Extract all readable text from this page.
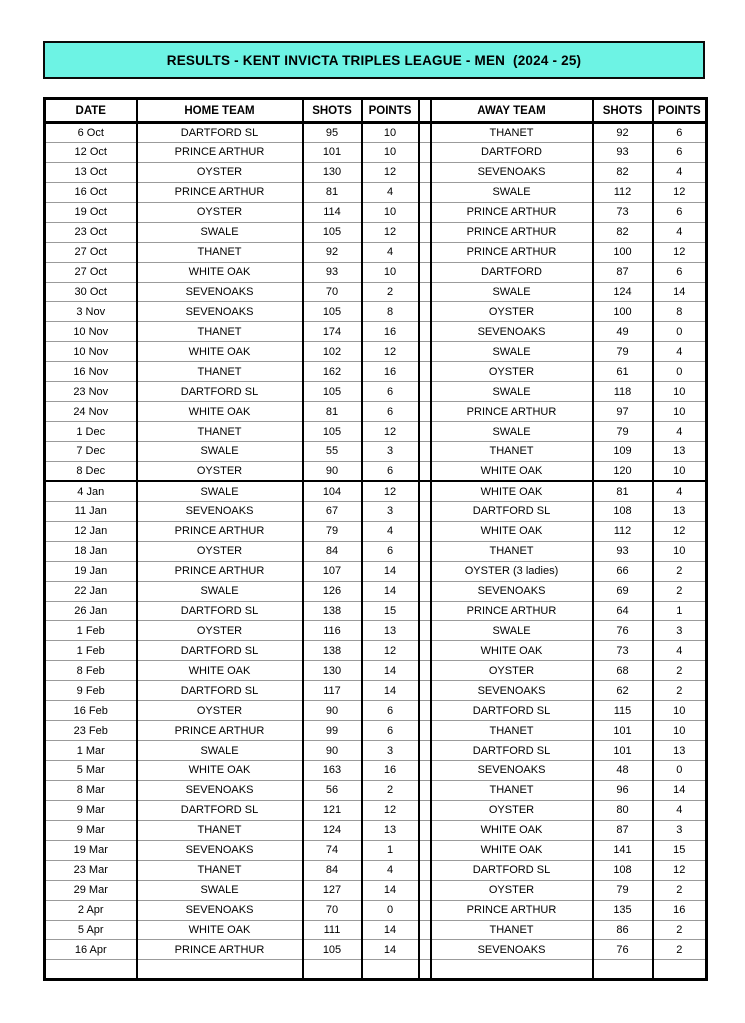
RESULTS - KENT INVICTA TRIPLES LEAGUE - MEN  (2024 - 25)
DATE	HOME TEAM	SHOTS	POINTS		AWAY TEAM	SHOTS	POINTS
6 Oct	DARTFORD SL	95	10		THANET	92	6
12 Oct	PRINCE ARTHUR	101	10		DARTFORD	93	6
13 Oct	OYSTER	130	12		SEVENOAKS	82	4
16 Oct	PRINCE ARTHUR	81	4		SWALE	112	12
19 Oct	OYSTER	114	10		PRINCE ARTHUR	73	6
23 Oct	SWALE	105	12		PRINCE ARTHUR	82	4
27 Oct	THANET	92	4		PRINCE ARTHUR	100	12
27 Oct	WHITE OAK	93	10		DARTFORD	87	6
30 Oct	SEVENOAKS	70	2		SWALE	124	14
3 Nov	SEVENOAKS	105	8		OYSTER	100	8
10 Nov	THANET	174	16		SEVENOAKS	49	0
10 Nov	WHITE OAK	102	12		SWALE	79	4
16 Nov	THANET	162	16		OYSTER	61	0
23 Nov	DARTFORD SL	105	6		SWALE	118	10
24 Nov	WHITE OAK	81	6		PRINCE ARTHUR	97	10
1 Dec	THANET	105	12		SWALE	79	4
7 Dec	SWALE	55	3		THANET	109	13
8 Dec	OYSTER	90	6		WHITE OAK	120	10
4 Jan	SWALE	104	12		WHITE OAK	81	4
11 Jan	SEVENOAKS	67	3		DARTFORD SL	108	13
12 Jan	PRINCE ARTHUR	79	4		WHITE OAK	112	12
18 Jan	OYSTER	84	6		THANET	93	10
19 Jan	PRINCE ARTHUR	107	14		OYSTER (3 ladies)	66	2
22 Jan	SWALE	126	14		SEVENOAKS	69	2
26 Jan	DARTFORD SL	138	15		PRINCE ARTHUR	64	1
1 Feb	OYSTER	116	13		SWALE	76	3
1 Feb	DARTFORD SL	138	12		WHITE OAK	73	4
8 Feb	WHITE OAK	130	14		OYSTER	68	2
9 Feb	DARTFORD SL	117	14		SEVENOAKS	62	2
16 Feb	OYSTER	90	6		DARTFORD SL	115	10
23 Feb	PRINCE ARTHUR	99	6		THANET	101	10
1 Mar	SWALE	90	3		DARTFORD SL	101	13
5 Mar	WHITE OAK	163	16		SEVENOAKS	48	0
8 Mar	SEVENOAKS	56	2		THANET	96	14
9 Mar	DARTFORD SL	121	12		OYSTER	80	4
9 Mar	THANET	124	13		WHITE OAK	87	3
19 Mar	SEVENOAKS	74	1		WHITE OAK	141	15
23 Mar	THANET	84	4		DARTFORD SL	108	12
29 Mar	SWALE	127	14		OYSTER	79	2
2 Apr	SEVENOAKS	70	0		PRINCE ARTHUR	135	16
5 Apr	WHITE OAK	111	14		THANET	86	2
16 Apr	PRINCE ARTHUR	105	14		SEVENOAKS	76	2
